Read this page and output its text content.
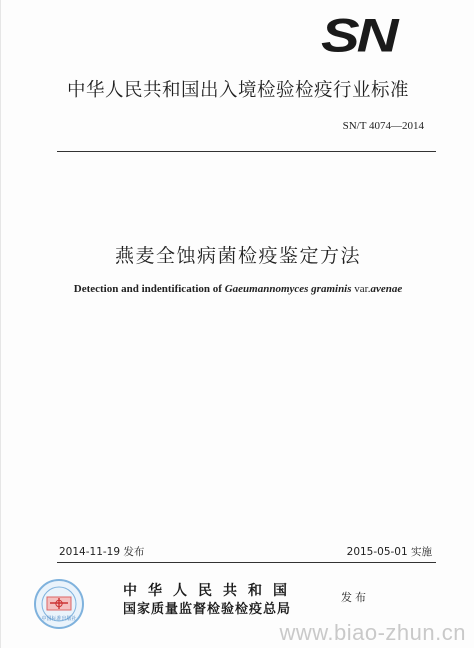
SN
中华人民共和国出入境检验检疫行业标准
SN/T 4074—2014
燕麦全蚀病菌检疫鉴定方法
Detection and indentification of Gaeumannomyces graminis var.avenae
2014-11-19 发布	2015-05-01 实施
中国标准出版社
中华人民共和国
国家质量监督检验检疫总局
发布
www.biao-zhun.cn
